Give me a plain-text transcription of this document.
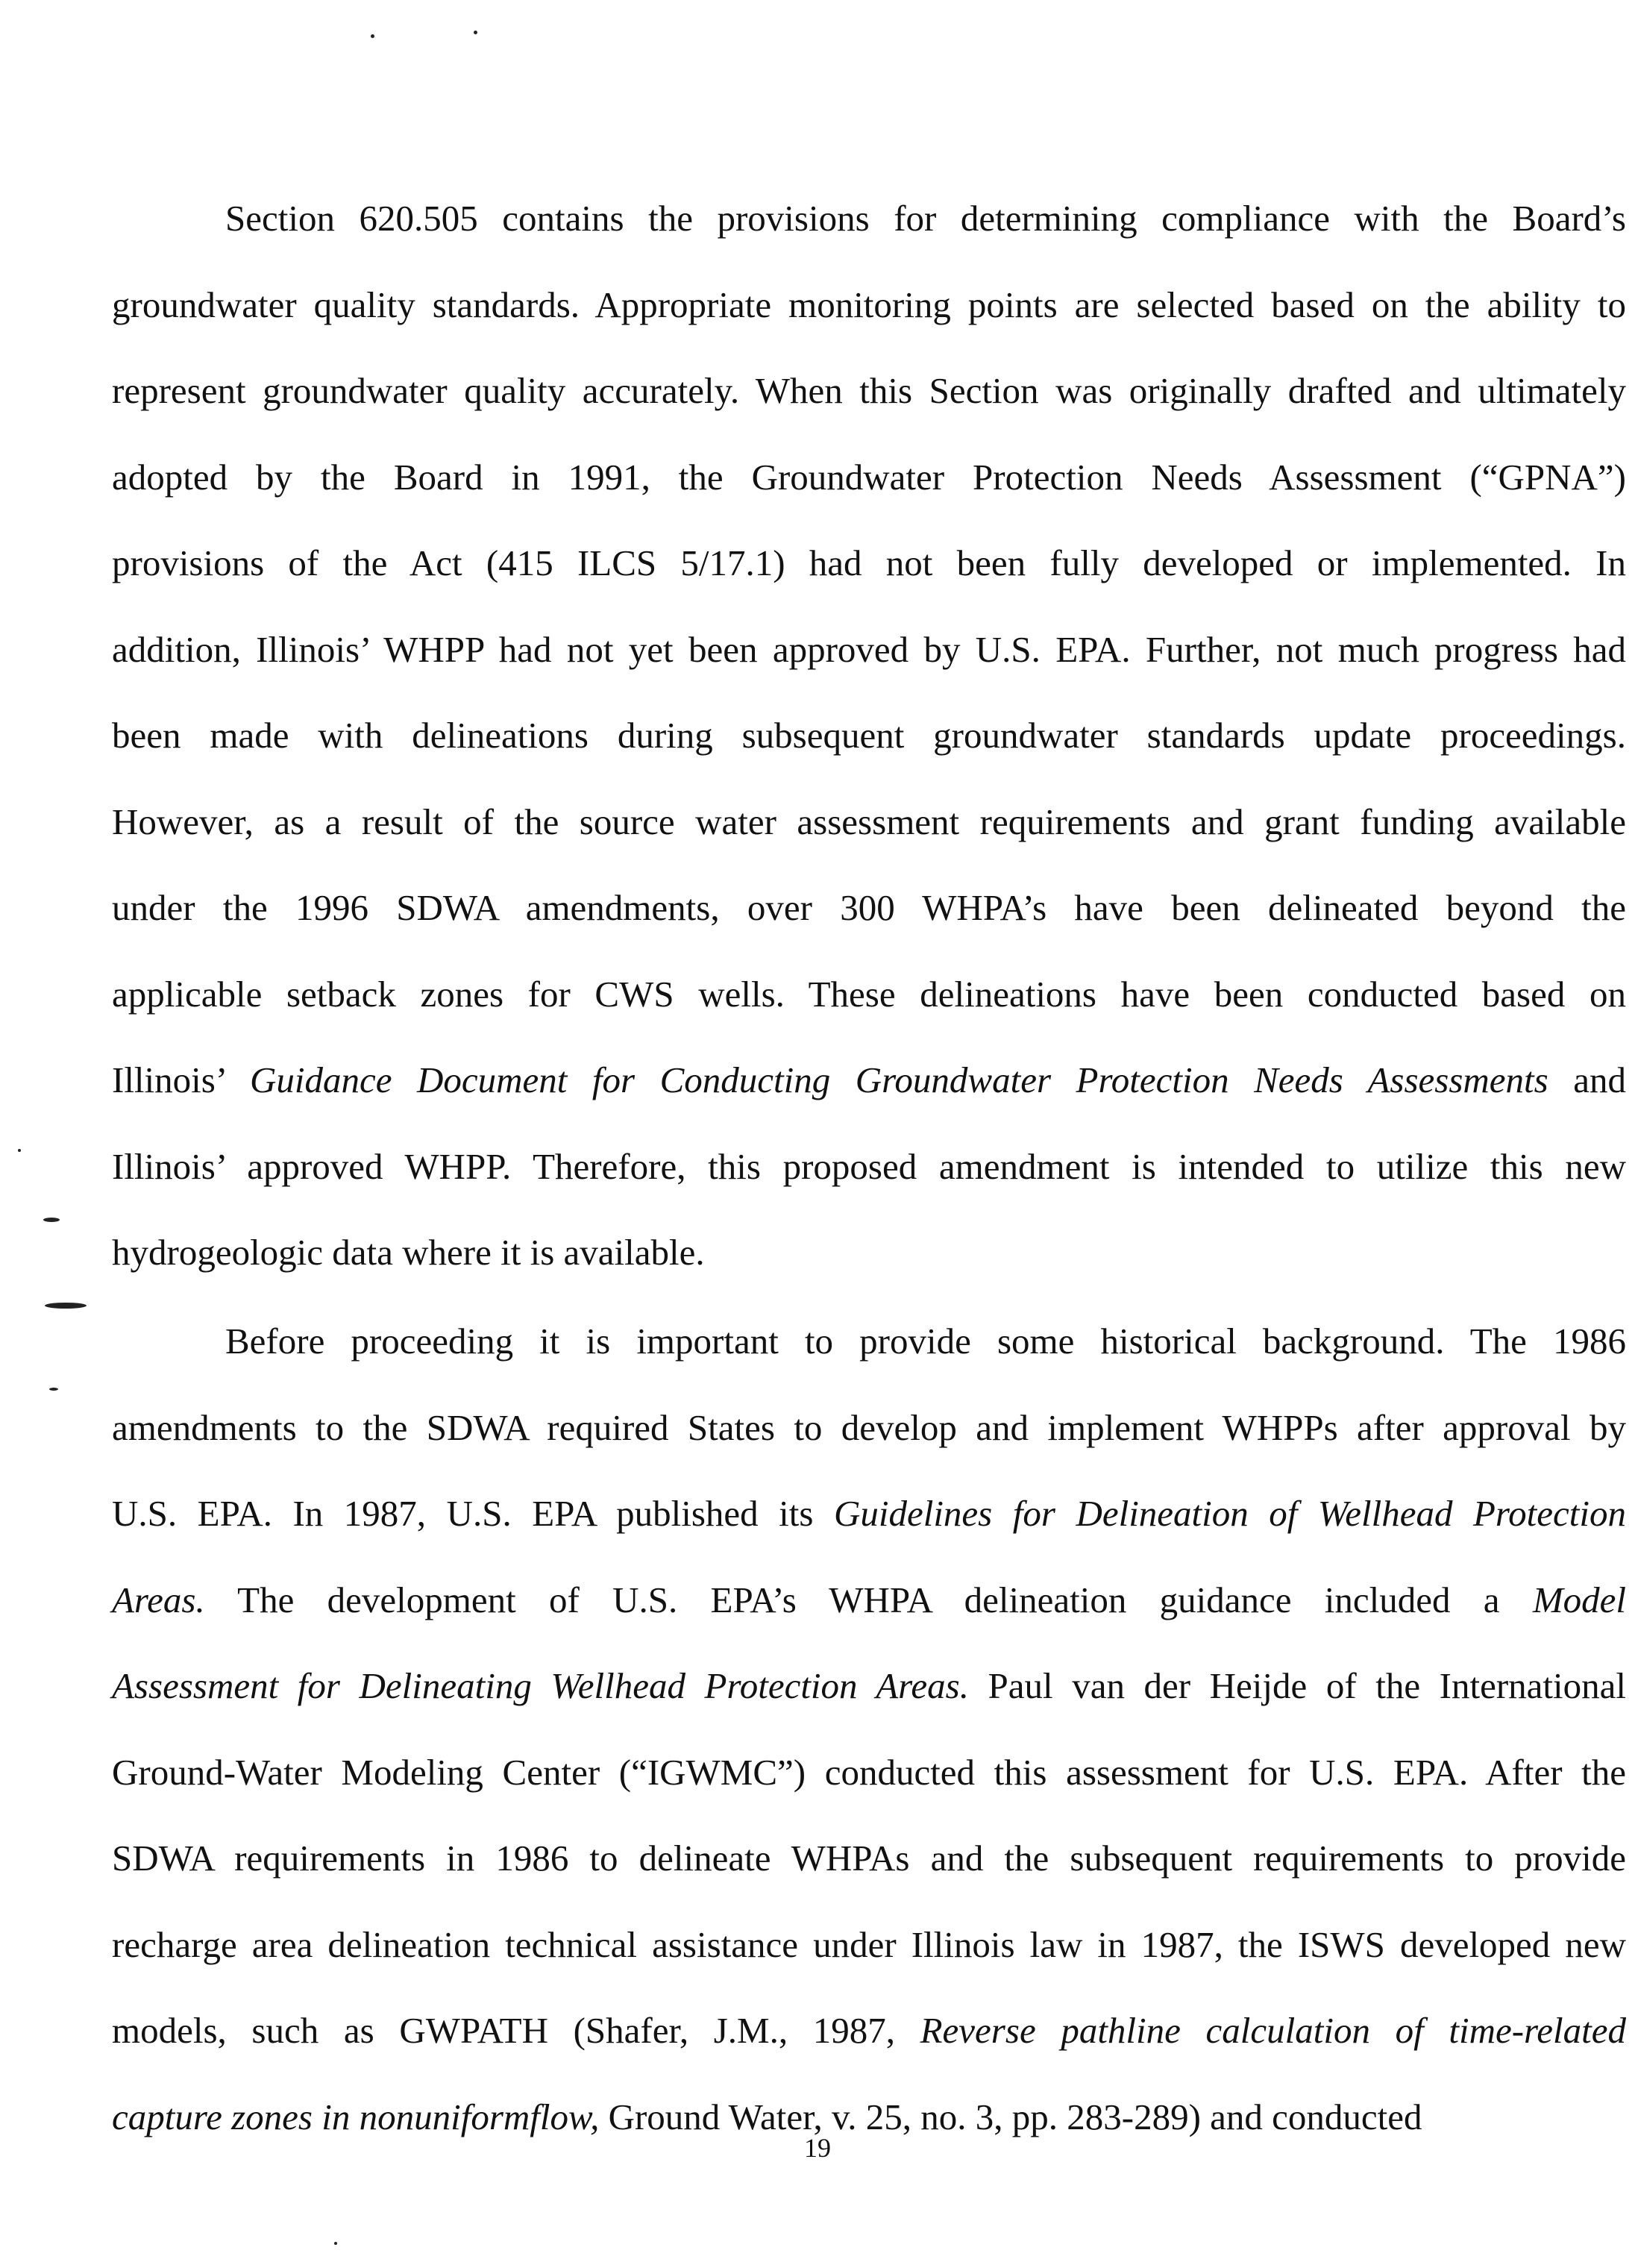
Section 620.505 contains the provisions for determining compliance with the Board’s
groundwater quality standards. Appropriate monitoring points are selected based on the ability to
represent groundwater quality accurately. When this Section was originally drafted and ultimately
adopted by the Board in 1991, the Groundwater Protection Needs Assessment (“GPNA”)
provisions of the Act (415 ILCS 5/17.1) had not been fully developed or implemented. In
addition, Illinois’ WHPP had not yet been approved by U.S. EPA. Further, not much progress had
been made with delineations during subsequent groundwater standards update proceedings.
However, as a result of the source water assessment requirements and grant funding available
under the 1996 SDWA amendments, over 300 WHPA’s have been delineated beyond the
applicable setback zones for CWS wells. These delineations have been conducted based on
Illinois’ Guidance Document for Conducting Groundwater Protection Needs Assessments and
Illinois’ approved WHPP. Therefore, this proposed amendment is intended to utilize this new
hydrogeologic data where it is available.
Before proceeding it is important to provide some historical background. The 1986
amendments to the SDWA required States to develop and implement WHPPs after approval by
U.S. EPA. In 1987, U.S. EPA published its Guidelines for Delineation of Wellhead Protection
Areas. The development of U.S. EPA’s WHPA delineation guidance included a Model
Assessment for Delineating Wellhead Protection Areas. Paul van der Heijde of the International
Ground-Water Modeling Center (“IGWMC”) conducted this assessment for U.S. EPA. After the
SDWA requirements in 1986 to delineate WHPAs and the subsequent requirements to provide
recharge area delineation technical assistance under Illinois law in 1987, the ISWS developed new
models, such as GWPATH (Shafer, J.M., 1987, Reverse pathline calculation of time-related
capture zones in nonuniformflow, Ground Water, v. 25, no. 3, pp. 283-289) and conducted
19
